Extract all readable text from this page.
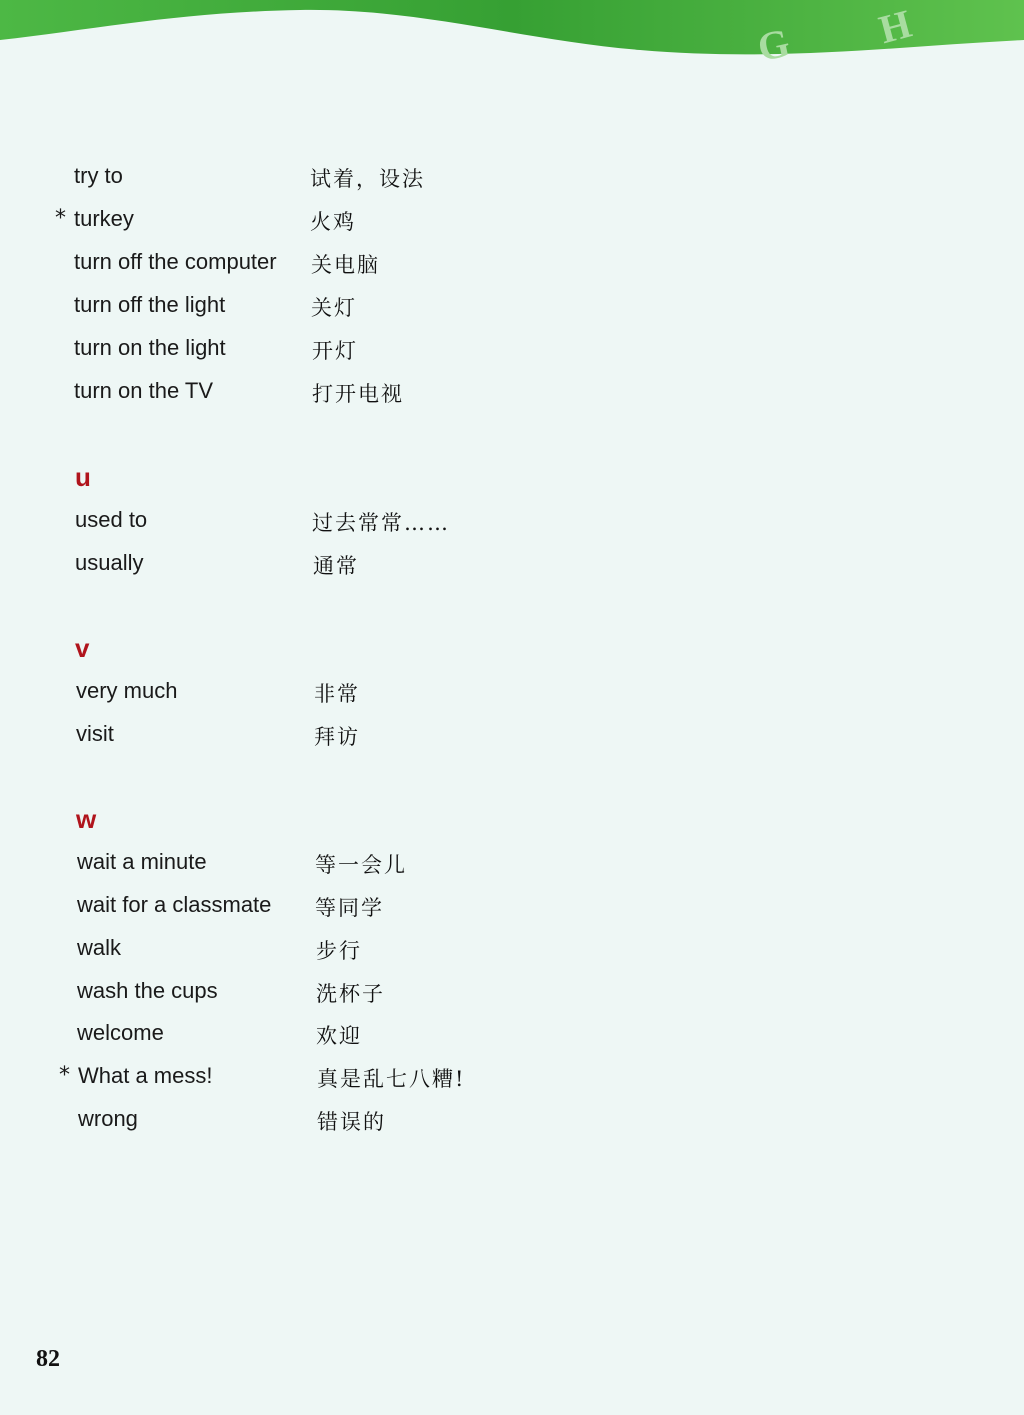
G H
try to	试着，设法
* turkey	火鸡
turn off the computer 关电脑
turn off the light	关灯
turn on the light	开灯
turn on the TV	打开电视
u
used to	过去常常……
usually	通常
v
very much	非常
visit	拜访
w
wait a minute	等一会儿
wait for a classmate 等同学
walk	步行
wash the cups	洗杯子
welcome	欢迎
* What a mess!	真是乱七八糟!
wrong	错误的
82
